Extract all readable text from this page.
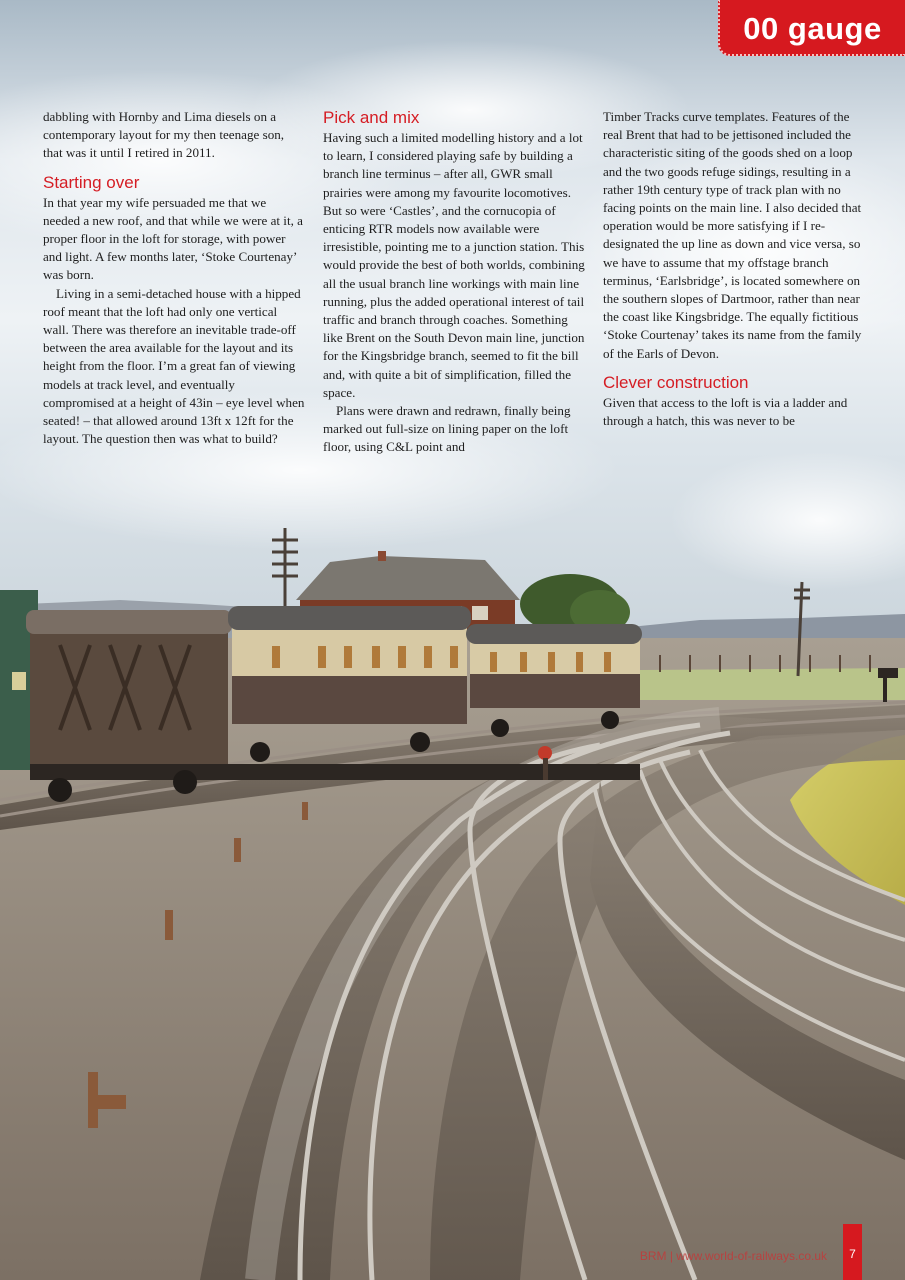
00 gauge

dabbling with Hornby and Lima diesels on a contemporary layout for my then teenage son, that was it until I retired in 2011.

Starting over

In that year my wife persuaded me that we needed a new roof, and that while we were at it, a proper floor in the loft for storage, with power and light. A few months later, ‘Stoke Courtenay’ was born.

Living in a semi-detached house with a hipped roof meant that the loft had only one vertical wall. There was therefore an inevitable trade-off between the area available for the layout and its height from the floor. I’m a great fan of viewing models at track level, and eventually compromised at a height of 43in – eye level when seated! – that allowed around 13ft x 12ft for the layout. The question then was what to build?

Pick and mix

Having such a limited modelling history and a lot to learn, I considered playing safe by building a branch line terminus – after all, GWR small prairies were among my favourite locomotives. But so were ‘Castles’, and the cornucopia of enticing RTR models now available were irresistible, pointing me to a junction station. This would provide the best of both worlds, combining all the usual branch line workings with main line running, plus the added operational interest of tail traffic and branch through coaches. Something like Brent on the South Devon main line, junction for the Kingsbridge branch, seemed to fit the bill and, with quite a bit of simplification, filled the space.

Plans were drawn and redrawn, finally being marked out full-size on lining paper on the loft floor, using C&L point and

Timber Tracks curve templates. Features of the real Brent that had to be jettisoned included the characteristic siting of the goods shed on a loop and the two goods refuge sidings, resulting in a rather 19th century type of track plan with no facing points on the main line. I also decided that operation would be more satisfying if I re-designated the up line as down and vice versa, so we have to assume that my offstage branch terminus, ‘Earlsbridge’, is located somewhere on the southern slopes of Dartmoor, rather than near the coast like Kingsbridge. The equally fictitious ‘Stoke Courtenay’ takes its name from the family of the Earls of Devon.

Clever construction

Given that access to the loft is via a ladder and through a hatch, this was never to be

BRM | www.world-of-railways.co.uk	7
